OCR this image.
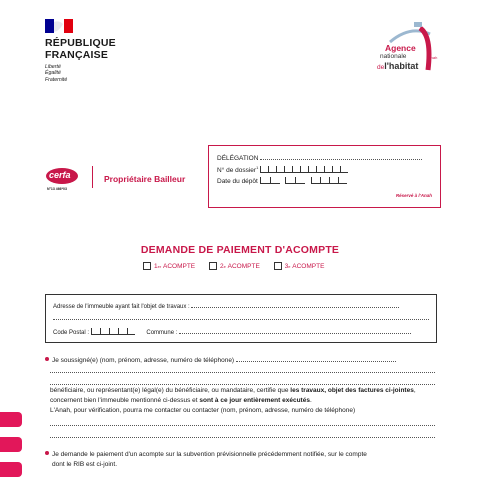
RÉPUBLIQUE
FRANÇAISE
Liberté
Égalité
Fraternité
Agence
nationale	Anah
del'habitat
cerfa
N°13 466*03
Propriétaire Bailleur
DÉLÉGATION
N° de dossier$^1$
Date du dépôt
Réservé à l'Anah
DEMANDE DE PAIEMENT D'ACOMPTE
1 er
ACOMPTE
	2 e
ACOMPTE
	3 e
ACOMPTE
Adresse de l'immeuble ayant fait l'objet de travaux :
Code Postal :	Commune :
Je soussigné(e) (nom, prénom, adresse, numéro de téléphone)
bénéficiaire, ou représentant(e) légal(e) du bénéficiaire, ou mandataire, certifie que les travaux, objet des factures ci-jointes, concernent bien l'immeuble mentionné ci-dessus et sont à ce jour entièrement exécutés.
L'Anah, pour vérification, pourra me contacter ou contacter (nom, prénom, adresse, numéro de téléphone)
Je demande le paiement d'un acompte sur la subvention prévisionnelle précédemment notifiée, sur le compte
dont le RIB est ci-joint.
